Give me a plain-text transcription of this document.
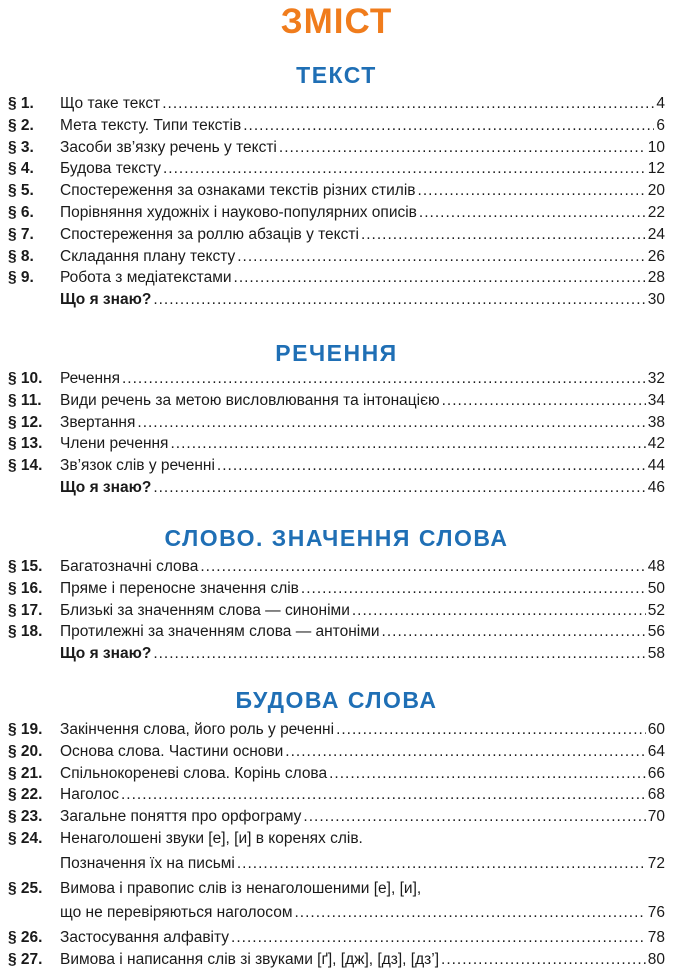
ЗМІСТ
ТЕКСТ
§ 1.	Що таке текст .....	4
§ 2.	Мета тексту. Типи текстів .....	6
§ 3.	Засоби зв’язку речень у тексті .....	10
§ 4.	Будова тексту .....	12
§ 5.	Спостереження за ознаками текстів різних стилів .....	20
§ 6.	Порівняння художніх і науково-популярних описів .....	22
§ 7.	Спостереження за роллю абзаців у тексті .....	24
§ 8.	Складання плану тексту .....	26
§ 9.	Робота з медіатекстами .....	28
Що я знаю? .....	30
§ 10.	Речення .....	32
§ 11.	Види речень за метою висловлювання та інтонацією .....	34
§ 12.	Звертання .....	38
§ 13.	Члени речення .....	42
§ 14.	Зв’язок слів у реченні .....	44
Що я знаю? .....	46
§ 15.	Багатозначні слова .....	48
§ 16.	Пряме і переносне значення слів .....	50
§ 17.	Близькі за значенням слова — синоніми .....	52
§ 18.	Протилежні за значенням слова — антоніми .....	56
Що я знаю? .....	58
§ 19.	Закінчення слова, його роль у реченні .....	60
§ 20.	Основа слова. Частини основи .....	64
§ 21.	Спільнокореневі слова. Корінь слова .....	66
§ 22.	Наголос .....	68
§ 23.	Загальне поняття про орфограму .....	70
§ 24.	Ненаголошені звуки [е], [и] в коренях слів.
Позначення їх на письмі .....	72
§ 25.	Вимова і правопис слів із ненаголошеними [е], [и],
що не перевіряються наголосом .....	76
§ 26.	Застосування алфавіту .....	78
§ 27.	Вимова і написання слів зі звуками [ґ], [дж], [дз], [дз’] .....	80
РЕЧЕННЯ
СЛОВО. ЗНАЧЕННЯ СЛОВА
БУДОВА СЛОВА
